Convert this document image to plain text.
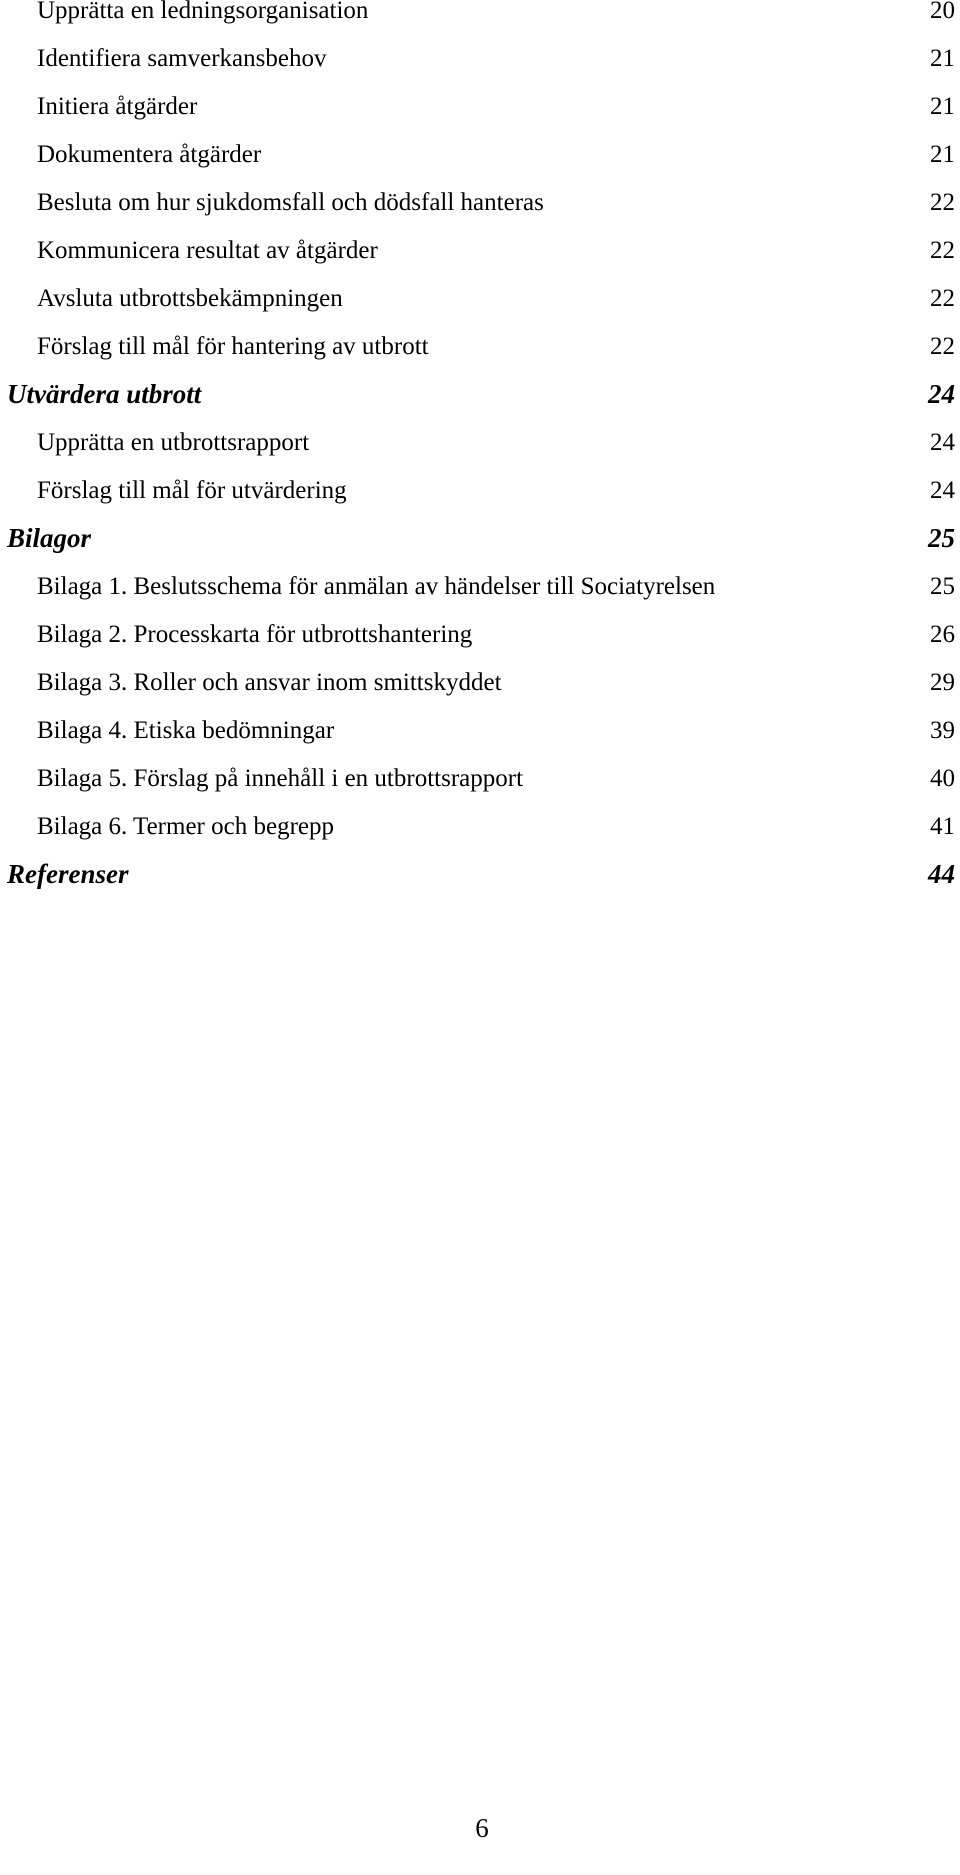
Upprätta en ledningsorganisation	20
Identifiera samverkansbehov	21
Initiera åtgärder	21
Dokumentera åtgärder	21
Besluta om hur sjukdomsfall och dödsfall hanteras	22
Kommunicera resultat av åtgärder	22
Avsluta utbrottsbekämpningen	22
Förslag till mål för hantering av utbrott	22
Utvärdera utbrott	24
Upprätta en utbrottsrapport	24
Förslag till mål för utvärdering	24
Bilagor	25
Bilaga 1. Beslutsschema för anmälan av händelser till Sociatyrelsen	25
Bilaga 2. Processkarta för utbrottshantering	26
Bilaga 3. Roller och ansvar inom smittskyddet	29
Bilaga 4. Etiska bedömningar	39
Bilaga 5. Förslag på innehåll i en utbrottsrapport	40
Bilaga 6. Termer och begrepp	41
Referenser	44
6
